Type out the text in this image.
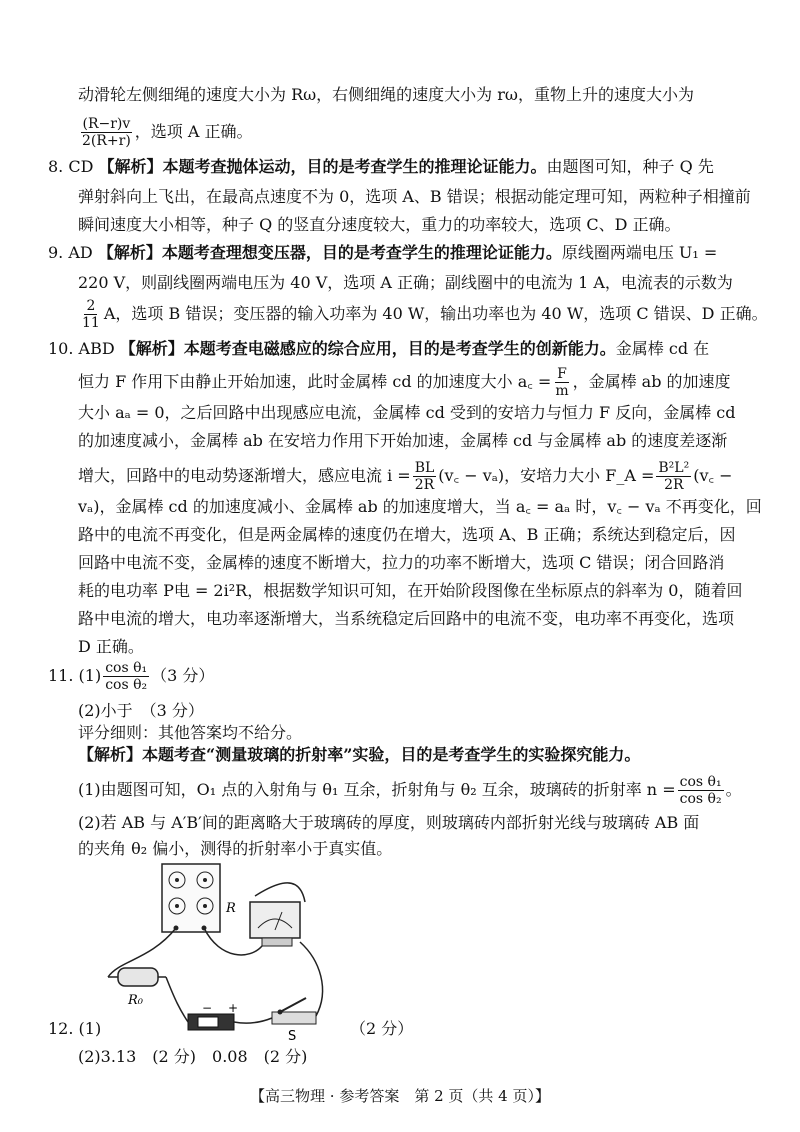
动滑轮左侧细绳的速度大小为 Rω，右侧细绳的速度大小为 rω，重物上升的速度大小为
$\frac{(R-r)v}{2(R+r)}$ ，选项 A 正确。
8. CD 【解析】本题考查抛体运动，目的是考查学生的推理论证能力。由题图可知，种子 Q 先
弹射斜向上飞出，在最高点速度不为 0，选项 A、B 错误；根据动能定理可知，两粒种子相撞前
瞬间速度大小相等，种子 Q 的竖直分速度较大，重力的功率较大，选项 C、D 正确。
9. AD 【解析】本题考查理想变压器，目的是考查学生的推理论证能力。原线圈两端电压 U₁ =
220 V，则副线圈两端电压为 40 V，选项 A 正确；副线圈中的电流为 1 A，电流表的示数为
$\frac{2}{11}$ A，选项 B 错误；变压器的输入功率为 40 W，输出功率也为 40 W，选项 C 错误、D 正确。
10. ABD 【解析】本题考查电磁感应的综合应用，目的是考查学生的创新能力。金属棒 cd 在
恒力 F 作用下由静止开始加速，此时金属棒 cd 的加速度大小 a꜀ = $\frac{F}{m}$ ，金属棒 ab 的加速度
大小 aₐ = 0，之后回路中出现感应电流，金属棒 cd 受到的安培力与恒力 F 反向，金属棒 cd
的加速度减小，金属棒 ab 在安培力作用下开始加速，金属棒 cd 与金属棒 ab 的速度差逐渐
增大，回路中的电动势逐渐增大，感应电流 $i = \frac{BL}{2R}$ (v꜀ − vₐ)，安培力大小 F_A = $\frac{\text{B²L²}}{2R}$ (v꜀ −
vₐ)，金属棒 cd 的加速度减小、金属棒 ab 的加速度增大，当 a꜀ = aₐ 时，v꜀ − vₐ 不再变化，回
路中的电流不再变化，但是两金属棒的速度仍在增大，选项 A、B 正确；系统达到稳定后，因
回路中电流不变，金属棒的速度不断增大，拉力的功率不断增大，选项 C 错误；闭合回路消
耗的电功率 P电 = 2i²R，根据数学知识可知，在开始阶段图像在坐标原点的斜率为 0，随着回
路中电流的增大，电功率逐渐增大，当系统稳定后回路中的电流不变，电功率不再变化，选项
D 正确。
11. $(1) \frac{\text{cos θ₁}}{\text{cos θ₂}} (3$ 分）
(2)小于　（3 分）
评分细则：其他答案均不给分。
【解析】本题考查“测量玻璃的折射率”实验，目的是考查学生的实验探究能力。
(1)由题图可知，O₁ 点的入射角与 θ₁ 互余，折射角与 θ₂ 互余，玻璃砖的折射率 $n = \frac{\text{cos θ₁}}{\text{cos θ₂}}$ 。
(2)若 AB 与 A′B′间的距离略大于玻璃砖的厚度，则玻璃砖内部折射光线与玻璃砖 AB 面
的夹角 θ₂ 偏小，测得的折射率小于真实值。
R
R₀	− +
S
12. (1)	（2 分）
(2)3.13　(2 分)　0.08　(2 分)
【高三物理 · 参考答案　第 2 页（共 4 页）】
